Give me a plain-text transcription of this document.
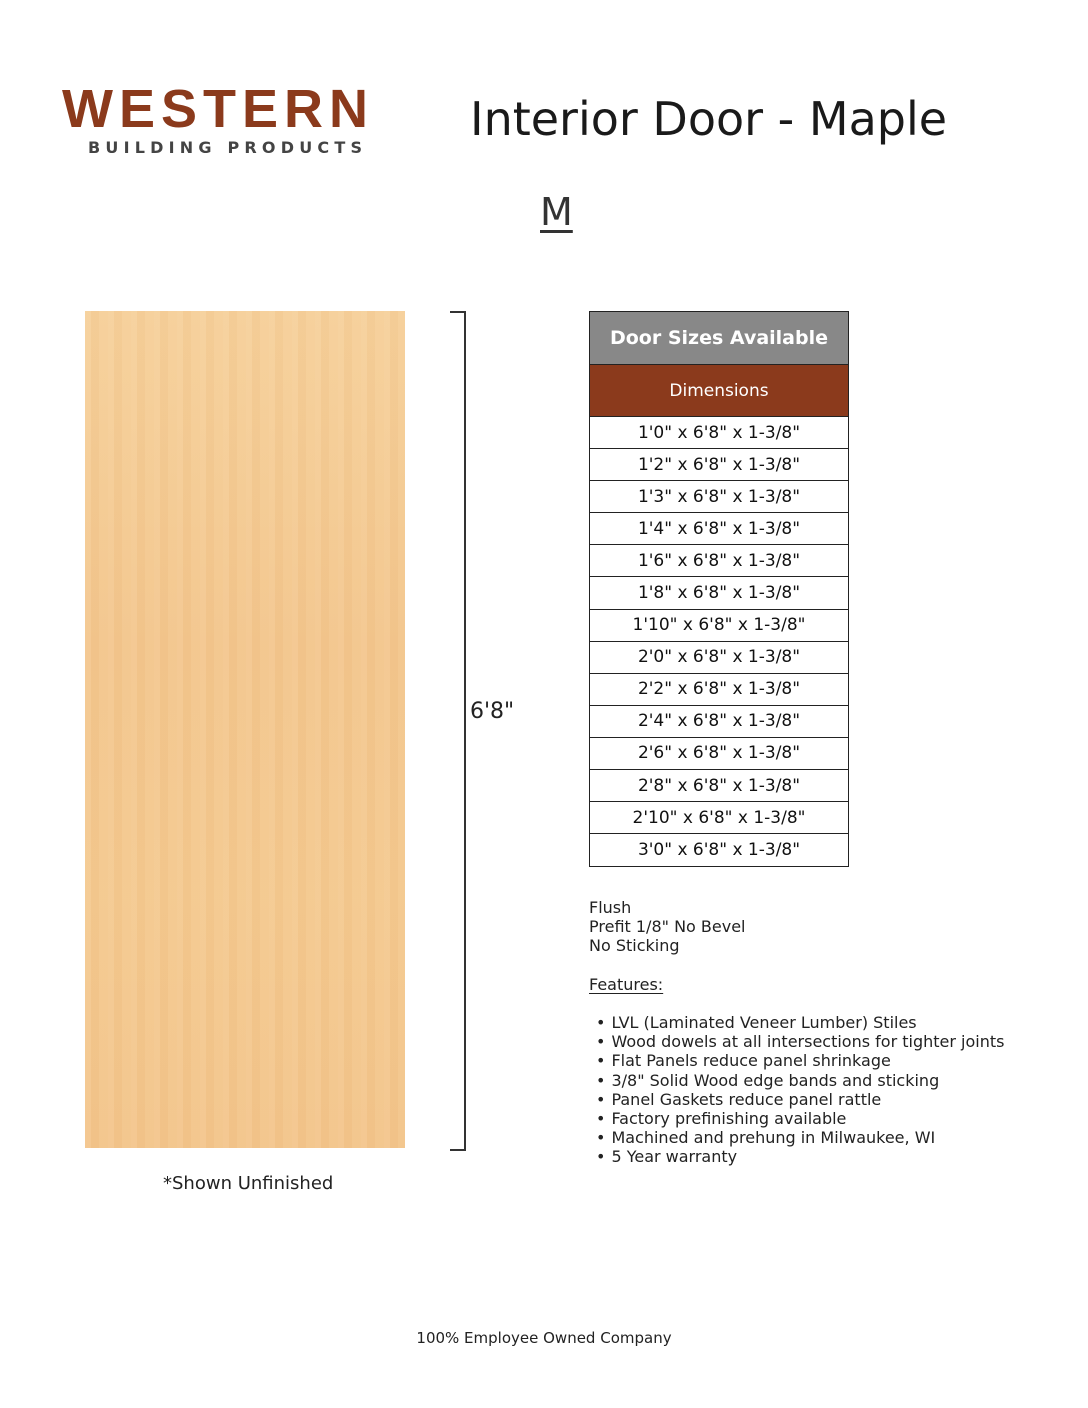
WESTERN
BUILDING PRODUCTS
Interior Door - Maple
M
*Shown Unfinished
6'8"
Door Sizes Available
Dimensions
1'0" x 6'8" x 1-3/8"
1'2" x 6'8" x 1-3/8"
1'3" x 6'8" x 1-3/8"
1'4" x 6'8" x 1-3/8"
1'6" x 6'8" x 1-3/8"
1'8" x 6'8" x 1-3/8"
1'10" x 6'8" x 1-3/8"
2'0" x 6'8" x 1-3/8"
2'2" x 6'8" x 1-3/8"
2'4" x 6'8" x 1-3/8"
2'6" x 6'8" x 1-3/8"
2'8" x 6'8" x 1-3/8"
2'10" x 6'8" x 1-3/8"
3'0" x 6'8" x 1-3/8"
Flush
Prefit 1/8" No Bevel
No Sticking
Features:
• LVL (Laminated Veneer Lumber) Stiles
• Wood dowels at all intersections for tighter joints
• Flat Panels reduce panel shrinkage
• 3/8" Solid Wood edge bands and sticking
• Panel Gaskets reduce panel rattle
• Factory prefinishing available
• Machined and prehung in Milwaukee, WI
• 5 Year warranty
100% Employee Owned Company
